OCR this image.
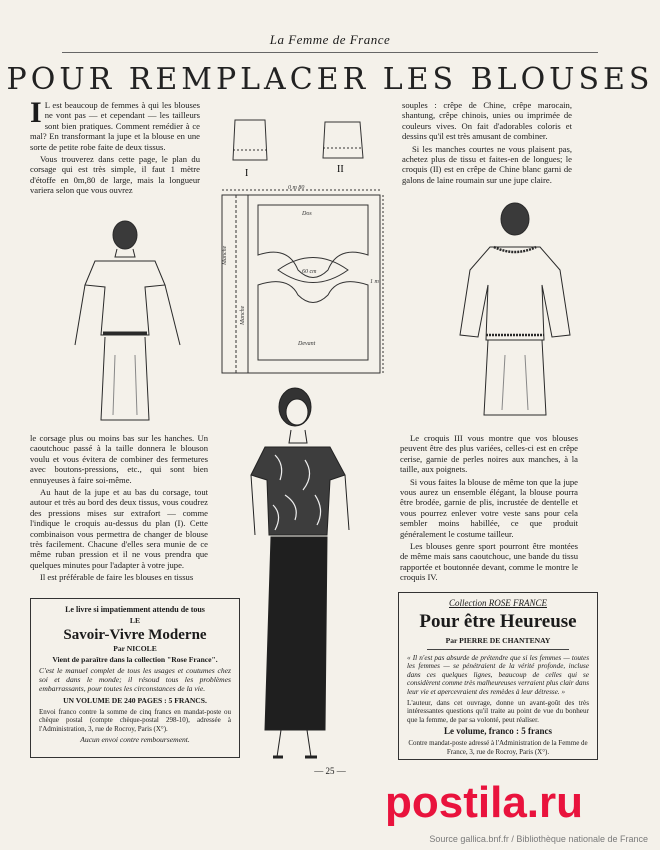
La Femme de France
POUR REMPLACER LES BLOUSES
I L est beaucoup de femmes à qui les blouses ne vont pas — et cependant — les tailleurs sont bien pratiques. Comment remédier à ce mal? En transformant la jupe et la blouse en une sorte de petite robe faite de deux tissus.

Vous trouverez dans cette page, le plan du corsage qui est très simple, il faut 1 mètre d'étoffe en 0m,80 de large, mais la longueur variera selon que vous ouvrez

souples : crêpe de Chine, crêpe marocain, shantung, crêpe chinois, unies ou imprimée de couleurs vives. On fait d'adorables coloris et dessins qu'il est très amusant de combiner.

Si les manches courtes ne vous plaisent pas, achetez plus de tissu et faites-en de longues; le croquis (II) est en crêpe de Chine blanc garni de galons de laine roumain sur une jupe claire.

I	II
Dos
Devant
Manche
Manche
60 cm
1 m
0 m 80

le corsage plus ou moins bas sur les hanches. Un caoutchouc passé à la taille donnera le blouson voulu et vous évitera de combiner des fermetures avec boutons-pressions, etc., qui sont bien ennuyeuses à faire soi-même.

Au haut de la jupe et au bas du corsage, tout autour et très au bord des deux tissus, vous coudrez des pressions mises sur extrafort — comme l'indique le croquis au-dessus du plan (I). Cette combinaison vous permettra de changer de blouse très facilement. Chacune d'elles sera munie de ce même ruban pression et il ne vous prendra que quelques minutes pour l'adapter à votre jupe.

Il est préférable de faire les blouses en tissus

Le croquis III vous montre que vos blouses peuvent être des plus variées, celles-ci est en crêpe cerise, garnie de perles noires aux manches, à la taille, aux poignets.

Si vous faites la blouse de même ton que la jupe vous aurez un ensemble élégant, la blouse pourra être brodée, garnie de plis, incrustée de dentelle et vous pourrez enlever votre veste sans pour cela sembler moins habillée, ce que produit généralement le costume tailleur.

Les blouses genre sport pourront être montées de même mais sans caoutchouc, une bande du tissu rapportée et boutonnée devant, comme le montre le croquis IV.

Le livre si impatiemment attendu de tous
LE
Savoir-Vivre Moderne
Par NICOLE
Vient de paraître dans la collection "Rose France".
C'est le manuel complet de tous les usages et coutumes chez soi et dans le monde; il résoud tous les problèmes embarrassants, pour toutes les circonstances de la vie.
UN VOLUME DE 240 PAGES : 5 FRANCS.
Envoi franco contre la somme de cinq francs en mandat-poste ou chèque postal (compte chèque-postal 298-10), adressée à l'Administration, 3, rue de Rocroy, Paris (X°).
Aucun envoi contre remboursement.
Collection ROSE FRANCE
Pour être Heureuse
Par PIERRE DE CHANTENAY
« Il n'est pas absurde de prétendre que si les femmes — toutes les femmes — se pénétraient de la vérité profonde, incluse dans ces quelques lignes, beaucoup de celles qui se considèrent comme très malheureuses verraient plus clair dans leur vie et apercevraient des remèdes à leur détresse. »
L'auteur, dans cet ouvrage, donne un avant-goût des très intéressantes questions qu'il traite au point de vue du bonheur que la femme, de par sa volonté, peut réaliser.
Le volume, franco : 5 francs
Contre mandat-poste adressé à l'Administration de la Femme de France, 3, rue de Rocroy, Paris (X°).
— 25 —
postila.ru
Source gallica.bnf.fr / Bibliothèque nationale de France
